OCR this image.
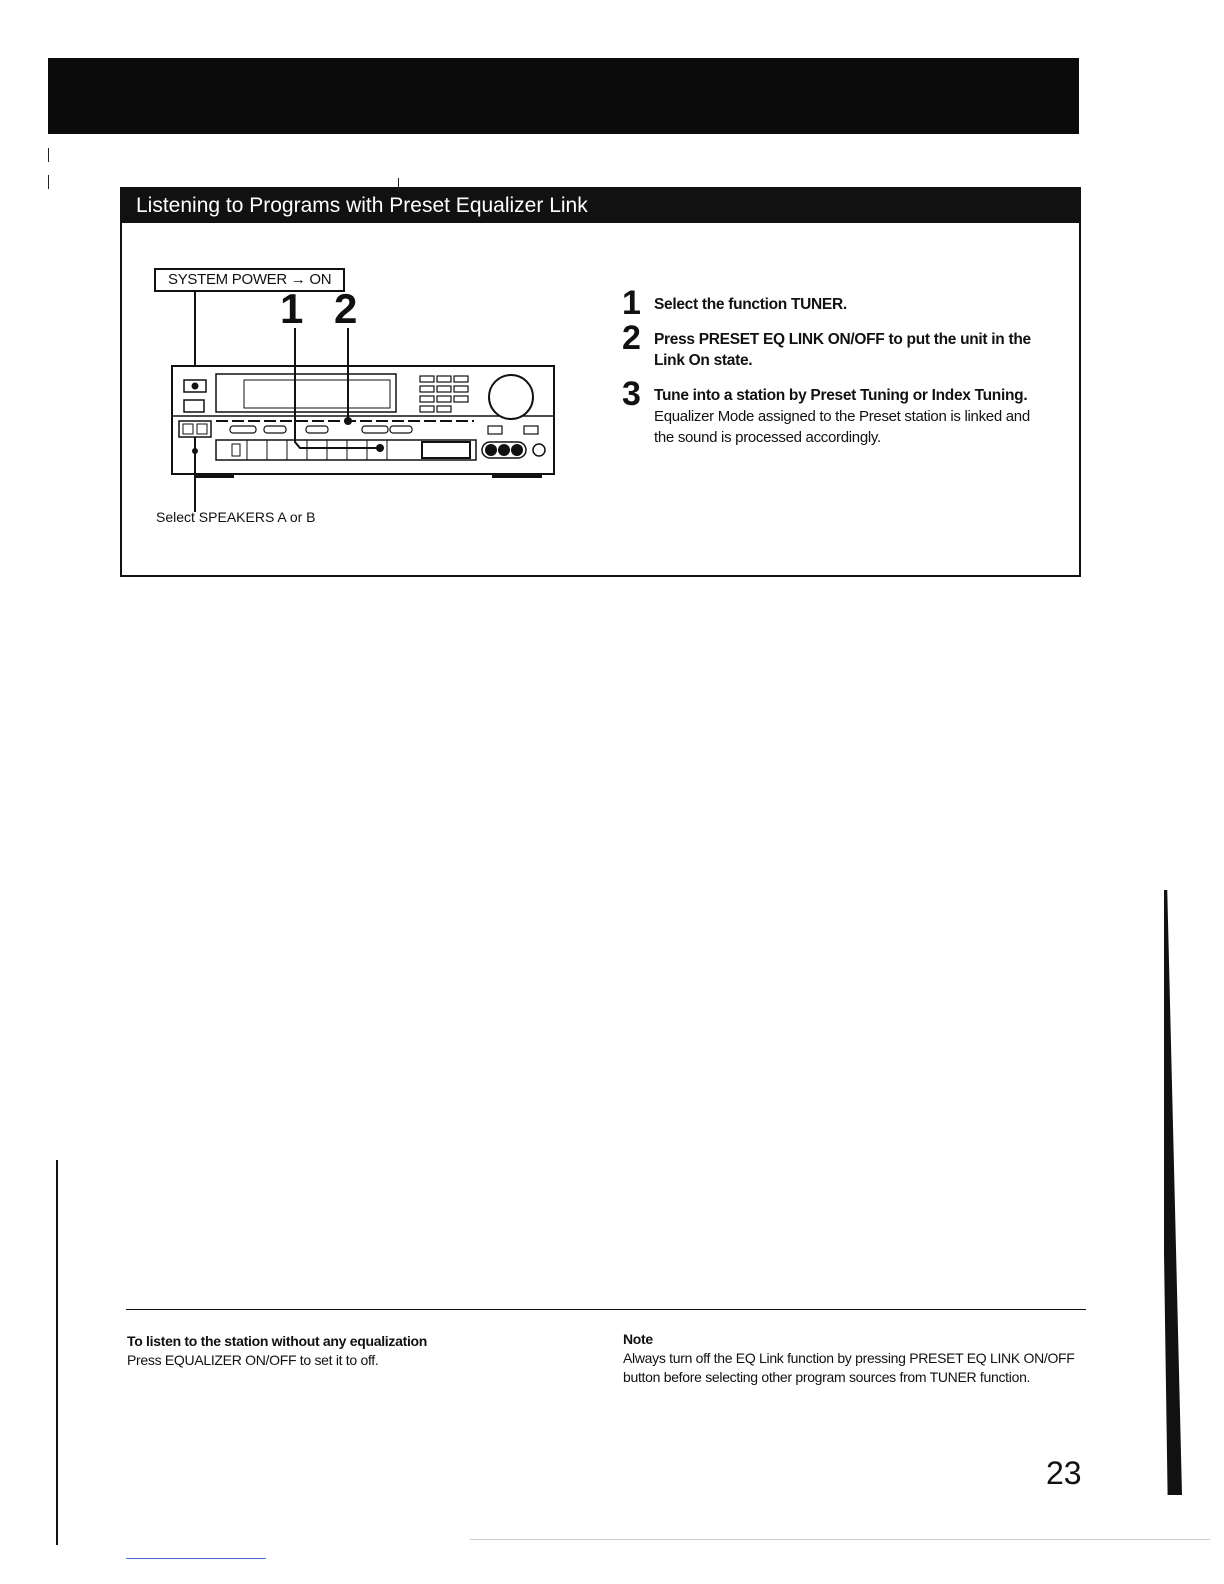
Listening to Programs with Preset Equalizer Link
SYSTEM POWER → ON
1 2
Select SPEAKERS A or B
1 Select the function TUNER.
2 Press PRESET EQ LINK ON/OFF to put the unit in the Link On state.
3 Tune into a station by Preset Tuning or Index Tuning.
Equalizer Mode assigned to the Preset station is linked and the sound is processed accordingly.
To listen to the station without any equalization
Press EQUALIZER ON/OFF to set it to off.
Note
Always turn off the EQ Link function by pressing PRESET EQ LINK ON/OFF button before selecting other program sources from TUNER function.
23
